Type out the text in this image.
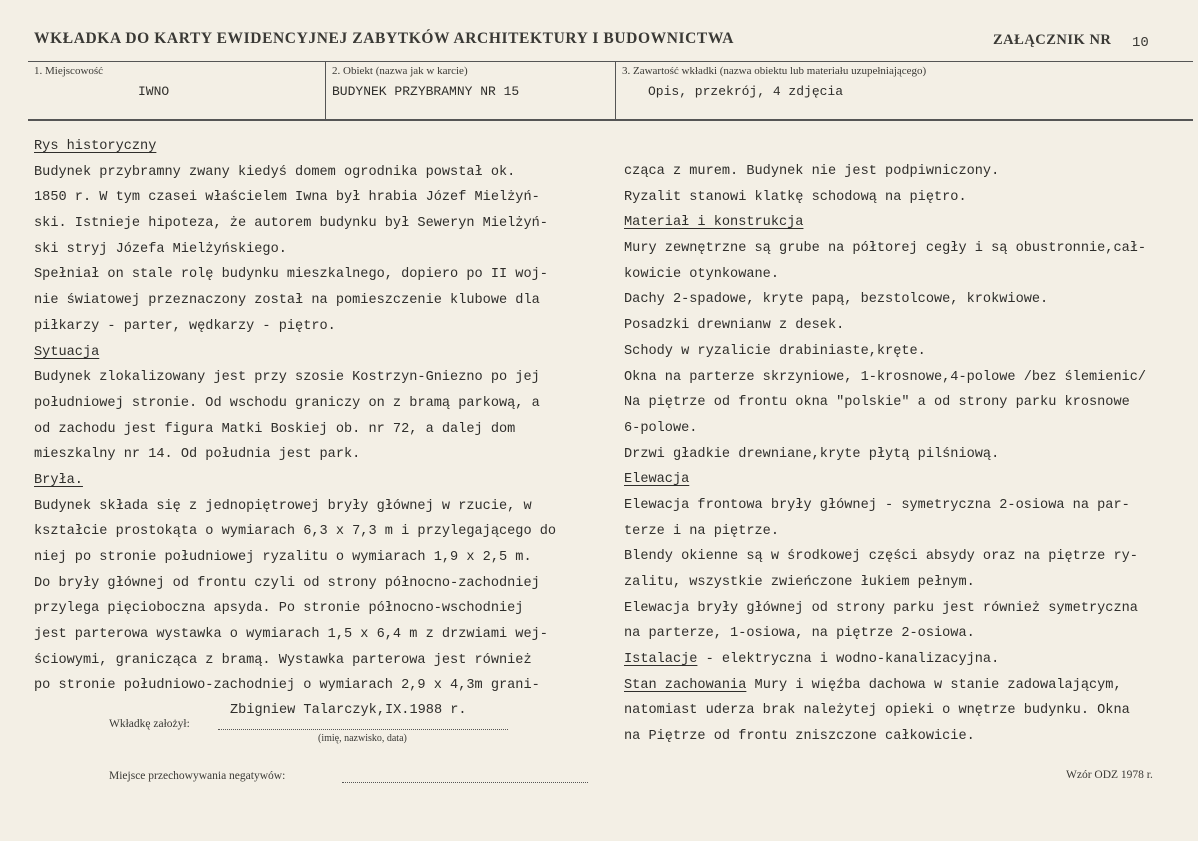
WKŁADKA DO KARTY EWIDENCYJNEJ ZABYTKÓW ARCHITEKTURY I BUDOWNICTWA	ZAŁĄCZNIK NR 10
1. Miejscowość
IWNO
2. Obiekt (nazwa jak w karcie)
BUDYNEK PRZYBRAMNY NR 15
3. Zawartość wkładki (nazwa obiektu lub materiału uzupełniającego)
Opis, przekrój, 4 zdjęcia
Rys historyczny
Budynek przybramny zwany kiedyś domem ogrodnika powstał ok.
1850 r. W tym czasei właścielem Iwna był hrabia Józef Mielżyń-
ski. Istnieje hipoteza, że autorem budynku był Seweryn Mielżyń-
ski stryj Józefa Mielżyńskiego.
Spełniał on stale rolę budynku mieszkalnego, dopiero po II woj-
nie światowej przeznaczony został na pomieszczenie klubowe dla
piłkarzy - parter, wędkarzy - piętro.
Sytuacja
Budynek zlokalizowany jest przy szosie Kostrzyn-Gniezno po jej
południowej stronie. Od wschodu graniczy on z bramą parkową, a
od zachodu jest figura Matki Boskiej ob. nr 72, a dalej dom
mieszkalny nr 14. Od południa jest park.
Bryła.
Budynek składa się z jednopiętrowej bryły głównej w rzucie, w
kształcie prostokąta o wymiarach 6,3 x 7,3 m i przylegającego do
niej po stronie południowej ryzalitu o wymiarach 1,9 x 2,5 m.
Do bryły głównej od frontu czyli od strony północno-zachodniej
przylega pięcioboczna apsyda. Po stronie północno-wschodniej
jest parterowa wystawka o wymiarach 1,5 x 6,4 m z drzwiami wej-
ściowymi, granicząca z bramą. Wystawka parterowa jest również
po stronie południowo-zachodniej o wymiarach 2,9 x 4,3m grani-
cząca z murem. Budynek nie jest podpiwniczony.
Ryzalit stanowi klatkę schodową na piętro.
Materiał i konstrukcja
Mury zewnętrzne są grube na półtorej cegły i są obustronnie,cał-
kowicie otynkowane.
Dachy 2-spadowe, kryte papą, bezstolcowe, krokwiowe.
Posadzki drewnianw z desek.
Schody w ryzalicie drabiniaste,kręte.
Okna na parterze skrzyniowe, 1-krosnowe,4-polowe /bez ślemienic/
Na piętrze od frontu okna "polskie" a od strony parku krosnowe
6-polowe.
Drzwi gładkie drewniane,kryte płytą pilśniową.
Elewacja
Elewacja frontowa bryły głównej - symetryczna 2-osiowa na par-
terze i na piętrze.
Blendy okienne są w środkowej części absydy oraz na piętrze ry-
zalitu, wszystkie zwieńczone łukiem pełnym.
Elewacja bryły głównej od strony parku jest również symetryczna
na parterze, 1-osiowa, na piętrze 2-osiowa.
Istalacje - elektryczna i wodno-kanalizacyjna.
Stan zachowania Mury i więźba dachowa w stanie zadowalającym,
natomiast uderza brak należytej opieki o wnętrze budynku. Okna
na Piętrze od frontu zniszczone całkowicie.
Wkładkę założył:
Zbigniew Talarczyk,IX.1988 r.
(imię, nazwisko, data)
Miejsce przechowywania negatywów:	Wzór ODZ 1978 r.
